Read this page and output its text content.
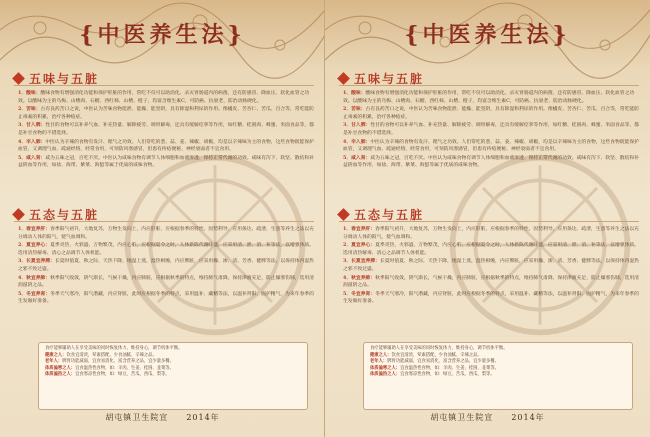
{中医养生法}
五味与五脏

1．酸味：酸味食物有增强消化功能和保护肝脏的作用，常吃不仅可以助消化、杀灭胃肠道内的病菌，还有防感冒、降血压、软化血管之功效。以酸味为主的乌梅、山楂肉、石榴、西红柿、山楂、橙子，均富含维生素C，可防癌、抗衰老、防治动脉硬化。

2．苦味：古有良药苦口之说，中医认为苦味食物能泄、能燥、能坚阴，具有除湿和利尿的作用。像橘皮、苦杏仁、苦瓜、百合等，常吃能防止毒素的积累，治疗各种疮症。

3．甘入脾：性甘的食物可以补养气血、补充热量、解除疲劳、调胃解毒，还具有缓解痉挛等作用，如红糖、桂圆肉、蜂蜜、米面食品等，都是补甘食物的不错选择。

4．辛入肺：中医认为辛辣的食物有发汗、理气之功效。人们常吃的葱、蒜、姜、辣椒、胡椒，均是以辛辣味为主的食物，这些食物既能保护血管，又调理气血、疏通经络，经常食用，可预防风寒感冒，但患有痔疮便秘、神经衰弱者不宜食用。

5．咸入肾：咸为五味之冠，百吃不厌。中医认为咸味食物有调节人体细胞和血液渗透、保持正常代谢的功效。咸味有泻下、软坚、散结和补益阴血等作用，如盐、海带、紫菜、海蜇等属于优质的咸味食物。

五态与五脏

1．春宜养肝：春季阳气初升，大地复苏，万物生发向上，内应肝脏，应根据春季的特性，因势利导，应用条达、疏泄，生意等养生之法以充分调动人体的阳气，使气血调和。

2．夏宜养心：夏季炎热，火邪盛，万物繁茂，内应心脏，应根据夏令之时，人体新陈代谢旺盛，应采用清、泄、消、补等法，以增强体质。选用清热解毒、清心之品调节人体机能。

3．长夏宜养脾：长夏时值夏、秋之际，天热下降，地湿上蒸，湿热相缠，内应脾脏，应采用燥、渗、清、芳香、健脾等法，以保持体内湿热之邪不致过盛。

4．秋宜养肺：秋季阳气收敛，阴气渐长，气候干燥，内应肺脏，应根据秋季的特点，维持肺气肃降，保持津液充足，防止燥邪伤肺，选用清润滋阴之品。

5．冬宜养肾：冬季天气寒冷，阳气潜藏，内应肾脏，此时应根据冬季的特点，采用温补、藏精等法，以温补肾阳、固护精气，为来年春季的生发做好准备。

食疗能够辅助人在享受美味的同时恢复体力，维持身心，调节机体平衡。

健康之人：饮食宜清淡，荤素搭配，少食油腻、辛辣之品。

老年人：脾胃功能减弱，宜食易消化、富含营养之品，宜少量多餐。

体质偏寒之人：宜食温热性食物，如：羊肉、生姜、桂圆、韭菜等。

体质偏热之人：宜食寒凉性食物，如：绿豆、苦瓜、西瓜、梨等。

胡屯镇卫生院宣 2014年
{中医养生法}
五味与五脏

1．酸味：酸味食物有增强消化功能和保护肝脏的作用，常吃不仅可以助消化、杀灭胃肠道内的病菌，还有防感冒、降血压、软化血管之功效。以酸味为主的乌梅、山楂肉、石榴、西红柿、山楂、橙子，均富含维生素C，可防癌、抗衰老、防治动脉硬化。

2．苦味：古有良药苦口之说，中医认为苦味食物能泄、能燥、能坚阴，具有除湿和利尿的作用。像橘皮、苦杏仁、苦瓜、百合等，常吃能防止毒素的积累，治疗各种疮症。

3．甘入脾：性甘的食物可以补养气血、补充热量、解除疲劳、调胃解毒，还具有缓解痉挛等作用，如红糖、桂圆肉、蜂蜜、米面食品等，都是补甘食物的不错选择。

4．辛入肺：中医认为辛辣的食物有发汗、理气之功效。人们常吃的葱、蒜、姜、辣椒、胡椒，均是以辛辣味为主的食物，这些食物既能保护血管，又调理气血、疏通经络，经常食用，可预防风寒感冒，但患有痔疮便秘、神经衰弱者不宜食用。

5．咸入肾：咸为五味之冠，百吃不厌。中医认为咸味食物有调节人体细胞和血液渗透、保持正常代谢的功效。咸味有泻下、软坚、散结和补益阴血等作用，如盐、海带、紫菜、海蜇等属于优质的咸味食物。

五态与五脏

1．春宜养肝：春季阳气初升，大地复苏，万物生发向上，内应肝脏，应根据春季的特性，因势利导，应用条达、疏泄，生意等养生之法以充分调动人体的阳气，使气血调和。

2．夏宜养心：夏季炎热，火邪盛，万物繁茂，内应心脏，应根据夏令之时，人体新陈代谢旺盛，应采用清、泄、消、补等法，以增强体质。选用清热解毒、清心之品调节人体机能。

3．长夏宜养脾：长夏时值夏、秋之际，天热下降，地湿上蒸，湿热相缠，内应脾脏，应采用燥、渗、清、芳香、健脾等法，以保持体内湿热之邪不致过盛。

4．秋宜养肺：秋季阳气收敛，阴气渐长，气候干燥，内应肺脏，应根据秋季的特点，维持肺气肃降，保持津液充足，防止燥邪伤肺，选用清润滋阴之品。

5．冬宜养肾：冬季天气寒冷，阳气潜藏，内应肾脏，此时应根据冬季的特点，采用温补、藏精等法，以温补肾阳、固护精气，为来年春季的生发做好准备。

食疗能够辅助人在享受美味的同时恢复体力，维持身心，调节机体平衡。

健康之人：饮食宜清淡，荤素搭配，少食油腻、辛辣之品。

老年人：脾胃功能减弱，宜食易消化、富含营养之品，宜少量多餐。

体质偏寒之人：宜食温热性食物，如：羊肉、生姜、桂圆、韭菜等。

体质偏热之人：宜食寒凉性食物，如：绿豆、苦瓜、西瓜、梨等。

胡屯镇卫生院宣 2014年
